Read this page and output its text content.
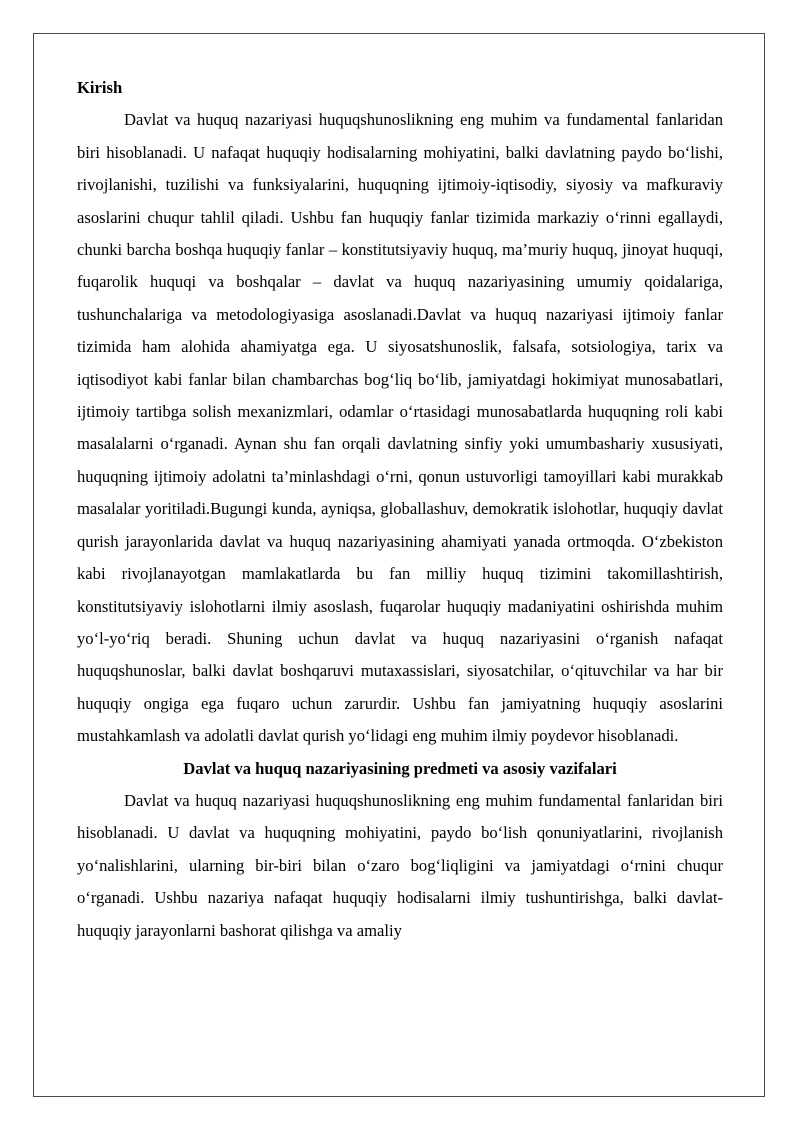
Kirish

Davlat va huquq nazariyasi huquqshunoslikning eng muhim va fundamental fanlaridan biri hisoblanadi. U nafaqat huquqiy hodisalarning mohiyatini, balki davlatning paydo bo‘lishi, rivojlanishi, tuzilishi va funksiyalarini, huquqning ijtimoiy-iqtisodiy, siyosiy va mafkuraviy asoslarini chuqur tahlil qiladi. Ushbu fan huquqiy fanlar tizimida markaziy o‘rinni egallaydi, chunki barcha boshqa huquqiy fanlar – konstitutsiyaviy huquq, ma’muriy huquq, jinoyat huquqi, fuqarolik huquqi va boshqalar – davlat va huquq nazariyasining umumiy qoidalariga, tushunchalariga va metodologiyasiga asoslanadi.Davlat va huquq nazariyasi ijtimoiy fanlar tizimida ham alohida ahamiyatga ega. U siyosatshunoslik, falsafa, sotsiologiya, tarix va iqtisodiyot kabi fanlar bilan chambarchas bog‘liq bo‘lib, jamiyatdagi hokimiyat munosabatlari, ijtimoiy tartibga solish mexanizmlari, odamlar o‘rtasidagi munosabatlarda huquqning roli kabi masalalarni o‘rganadi. Aynan shu fan orqali davlatning sinfiy yoki umumbashariy xususiyati, huquqning ijtimoiy adolatni ta’minlashdagi o‘rni, qonun ustuvorligi tamoyillari kabi murakkab masalalar yoritiladi.Bugungi kunda, ayniqsa, globallashuv, demokratik islohotlar, huquqiy davlat qurish jarayonlarida davlat va huquq nazariyasining ahamiyati yanada ortmoqda. O‘zbekiston kabi rivojlanayotgan mamlakatlarda bu fan milliy huquq tizimini takomillashtirish, konstitutsiyaviy islohotlarni ilmiy asoslash, fuqarolar huquqiy madaniyatini oshirishda muhim yo‘l-yo‘riq beradi. Shuning uchun davlat va huquq nazariyasini o‘rganish nafaqat huquqshunoslar, balki davlat boshqaruvi mutaxassislari, siyosatchilar, o‘qituvchilar va har bir huquqiy ongiga ega fuqaro uchun zarurdir. Ushbu fan jamiyatning huquqiy asoslarini mustahkamlash va adolatli davlat qurish yo‘lidagi eng muhim ilmiy poydevor hisoblanadi.

Davlat va huquq nazariyasining predmeti va asosiy vazifalari

Davlat va huquq nazariyasi huquqshunoslikning eng muhim fundamental fanlaridan biri hisoblanadi. U davlat va huquqning mohiyatini, paydo bo‘lish qonuniyatlarini, rivojlanish yo‘nalishlarini, ularning bir-biri bilan o‘zaro bog‘liqligini va jamiyatdagi o‘rnini chuqur o‘rganadi. Ushbu nazariya nafaqat huquqiy hodisalarni ilmiy tushuntirishga, balki davlat-huquqiy jarayonlarni bashorat qilishga va amaliy
